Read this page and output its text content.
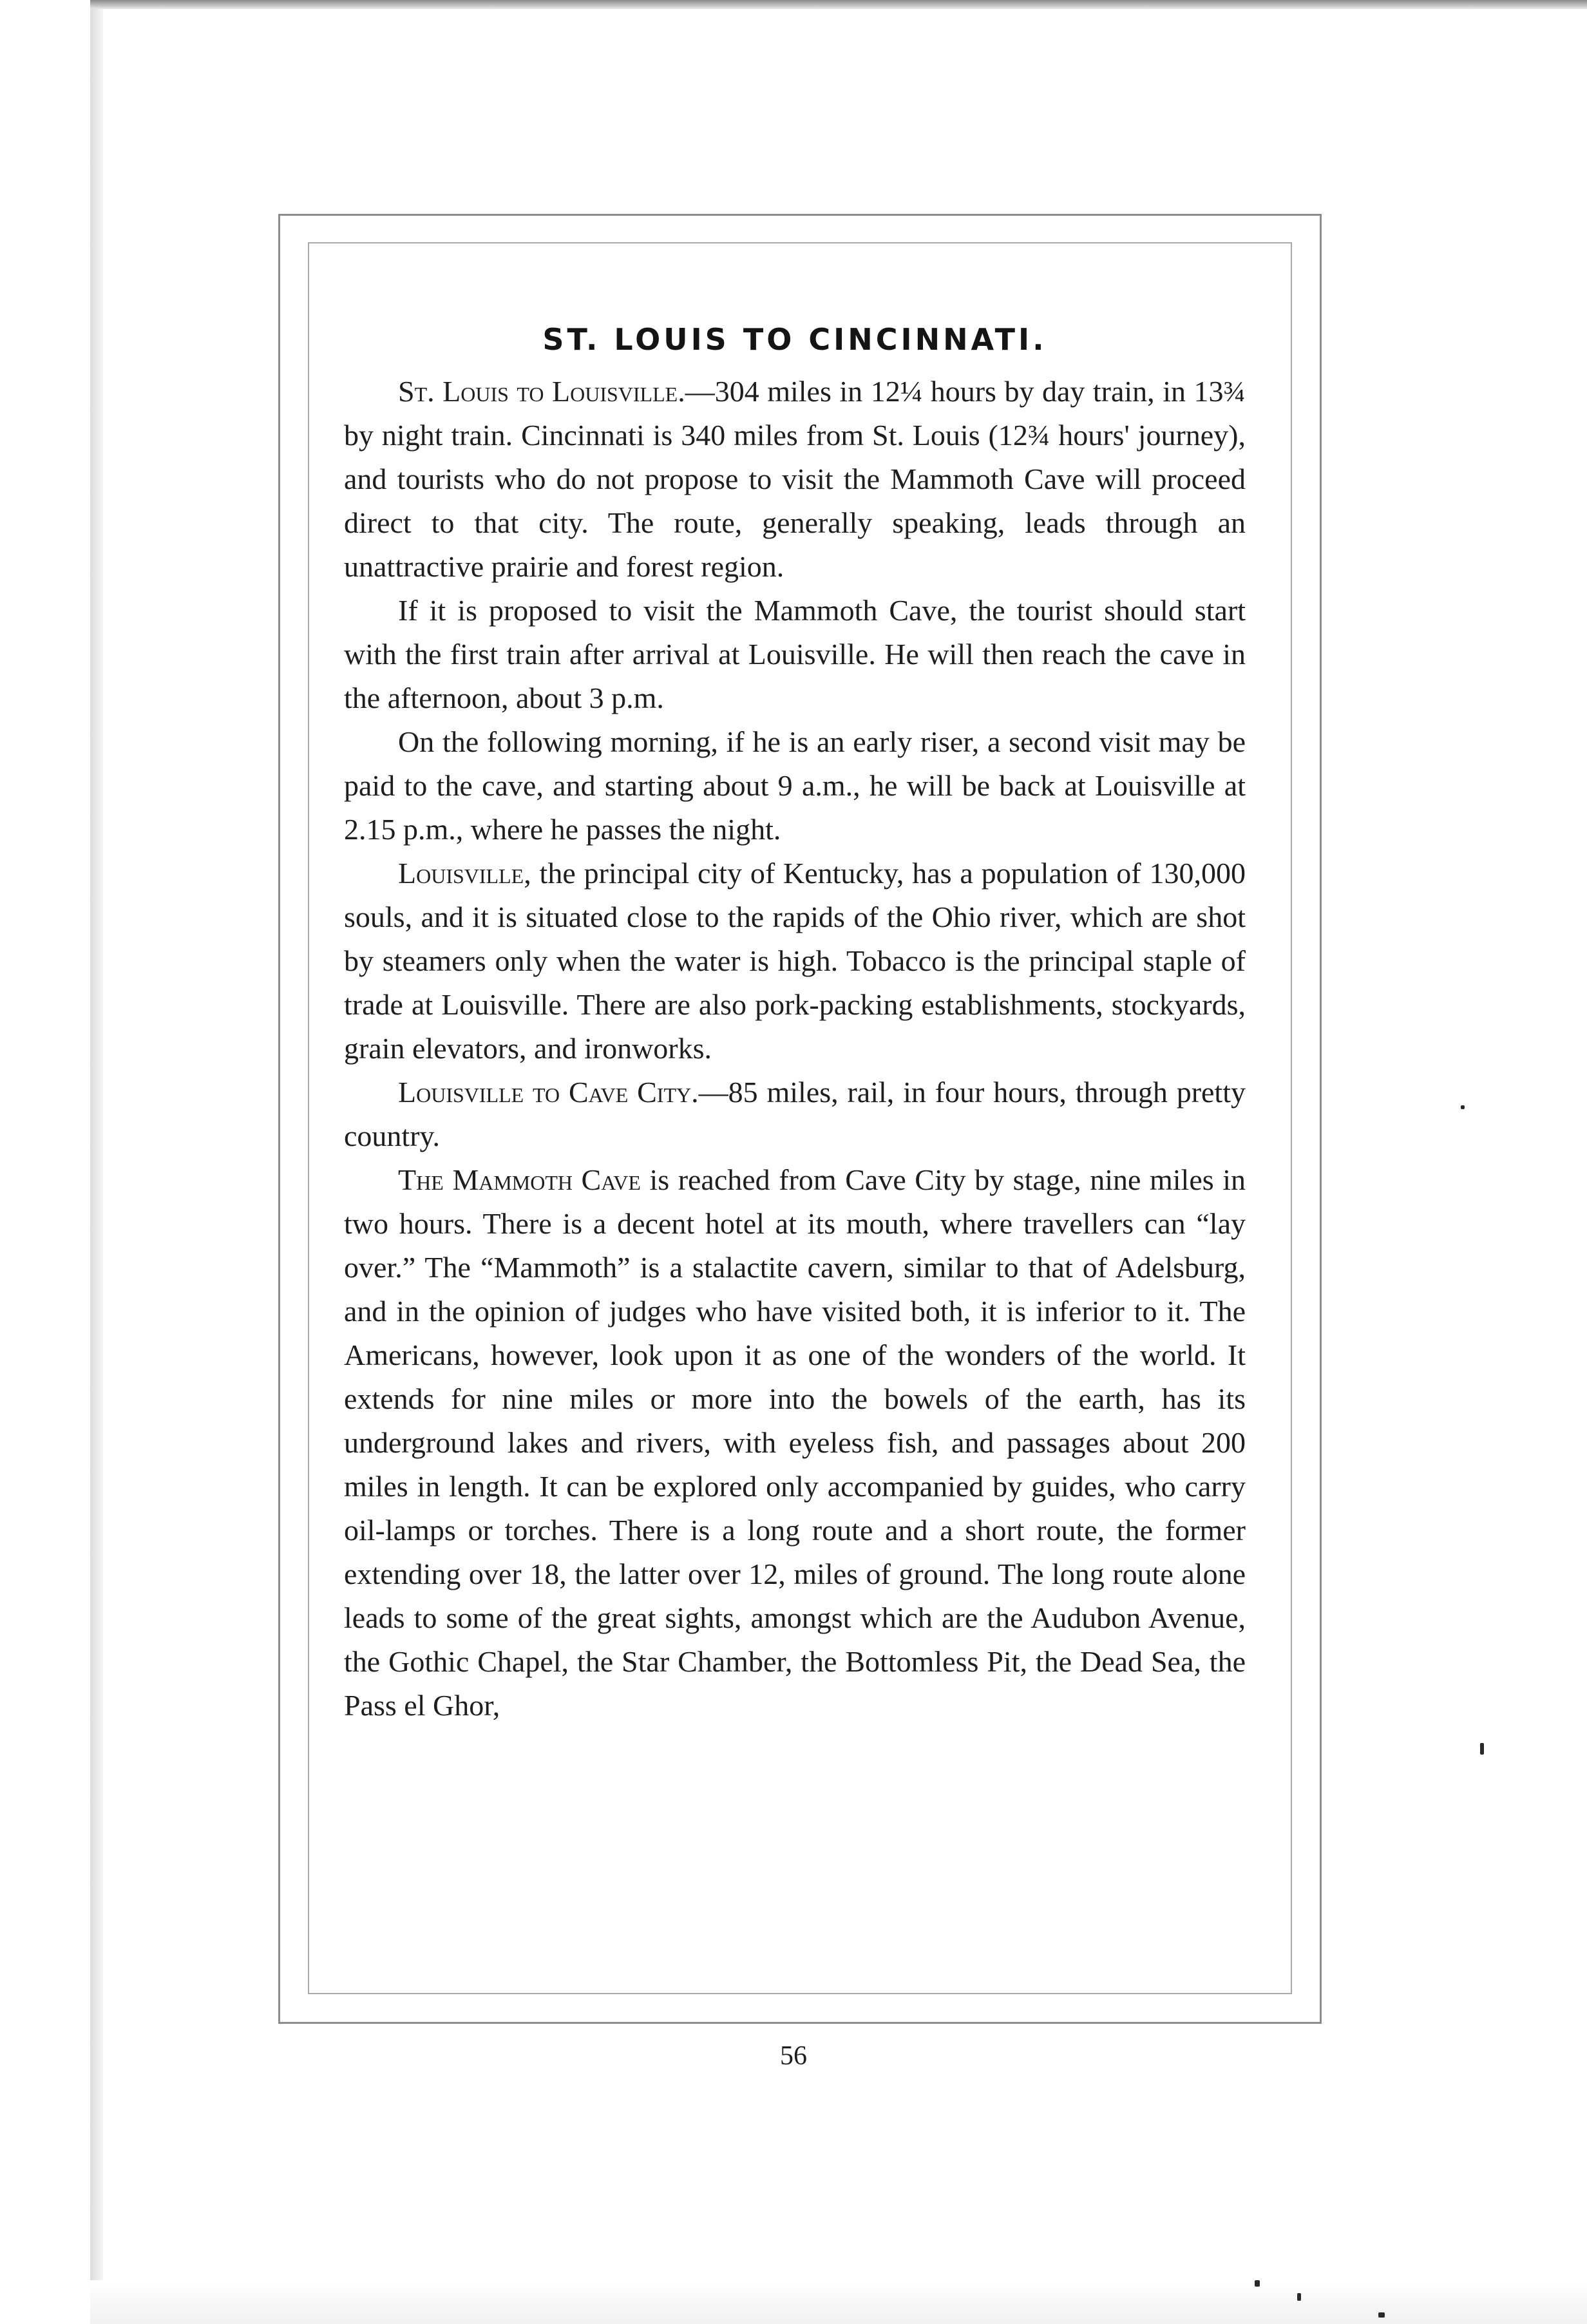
ST. LOUIS TO CINCINNATI.

St. Louis to Louisville.—304 miles in 12¼ hours by day train, in 13¾ by night train. Cincinnati is 340 miles from St. Louis (12¾ hours' journey), and tourists who do not propose to visit the Mammoth Cave will proceed direct to that city. The route, generally speaking, leads through an unattractive prairie and forest region.

If it is proposed to visit the Mammoth Cave, the tourist should start with the first train after arrival at Louisville. He will then reach the cave in the afternoon, about 3 p.m.

On the following morning, if he is an early riser, a second visit may be paid to the cave, and starting about 9 a.m., he will be back at Louisville at 2.15 p.m., where he passes the night.

Louisville, the principal city of Kentucky, has a population of 130,000 souls, and it is situated close to the rapids of the Ohio river, which are shot by steamers only when the water is high. Tobacco is the principal staple of trade at Louisville. There are also pork-packing establishments, stockyards, grain elevators, and ironworks.

Louisville to Cave City.—85 miles, rail, in four hours, through pretty country.

The Mammoth Cave is reached from Cave City by stage, nine miles in two hours. There is a decent hotel at its mouth, where travellers can “lay over.” The “Mammoth” is a stalactite cavern, similar to that of Adelsburg, and in the opinion of judges who have visited both, it is inferior to it. The Americans, however, look upon it as one of the wonders of the world. It extends for nine miles or more into the bowels of the earth, has its underground lakes and rivers, with eyeless fish, and passages about 200 miles in length. It can be explored only accompanied by guides, who carry oil-lamps or torches. There is a long route and a short route, the former extending over 18, the latter over 12, miles of ground. The long route alone leads to some of the great sights, amongst which are the Audubon Avenue, the Gothic Chapel, the Star Chamber, the Bottomless Pit, the Dead Sea, the Pass el Ghor,

56
